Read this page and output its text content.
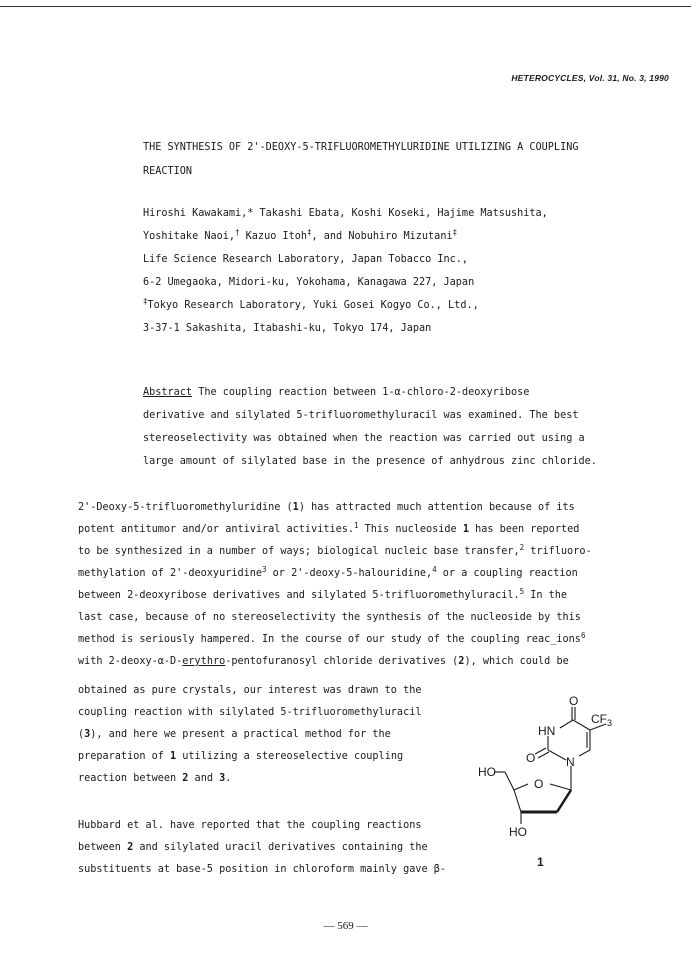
HETEROCYCLES, Vol. 31, No. 3, 1990
THE SYNTHESIS OF 2'-DEOXY-5-TRIFLUOROMETHYLURIDINE UTILIZING A COUPLING
REACTION
Hiroshi Kawakami,* Takashi Ebata, Koshi Koseki, Hajime Matsushita,
Yoshitake Naoi,† Kazuo Itoh‡, and Nobuhiro Mizutani‡
Life Science Research Laboratory, Japan Tobacco Inc.,
6-2 Umegaoka, Midori-ku, Yokohama, Kanagawa 227, Japan
‡Tokyo Research Laboratory, Yuki Gosei Kogyo Co., Ltd.,
3-37-1 Sakashita, Itabashi-ku, Tokyo 174, Japan
Abstract The coupling reaction between 1-α-chloro-2-deoxyribose
derivative and silylated 5-trifluoromethyluracil was examined. The best
stereoselectivity was obtained when the reaction was carried out using a
large amount of silylated base in the presence of anhydrous zinc chloride.
2'-Deoxy-5-trifluoromethyluridine (1) has attracted much attention because of its
potent antitumor and/or antiviral activities.$^1$ This nucleoside 1 has been reported
to be synthesized in a number of ways; biological nucleic base transfer,$^2$ trifluoro-
methylation of 2'-deoxyuridine$^3$ or 2'-deoxy-5-halouridine,$^4$ or a coupling reaction
between 2-deoxyribose derivatives and silylated 5-trifluoromethyluracil.$^5$ In the
last case, because of no stereoselectivity the synthesis of the nucleoside by this
method is seriously hampered. In the course of our study of the coupling reac_ions$^6$
with 2-deoxy-α-D-erythro-pentofuranosyl chloride derivatives (2), which could be
obtained as pure crystals, our interest was drawn to the
coupling reaction with silylated 5-trifluoromethyluracil
(3), and here we present a practical method for the
preparation of 1 utilizing a stereoselective coupling
reaction between 2 and 3.
Hubbard et al. have reported that the coupling reactions
between 2 and silylated uracil derivatives containing the
substituents at base-5 position in chloroform mainly gave β-
O
HN
$CF_3$
O	N
HO
O
HO
1
— 569 —
